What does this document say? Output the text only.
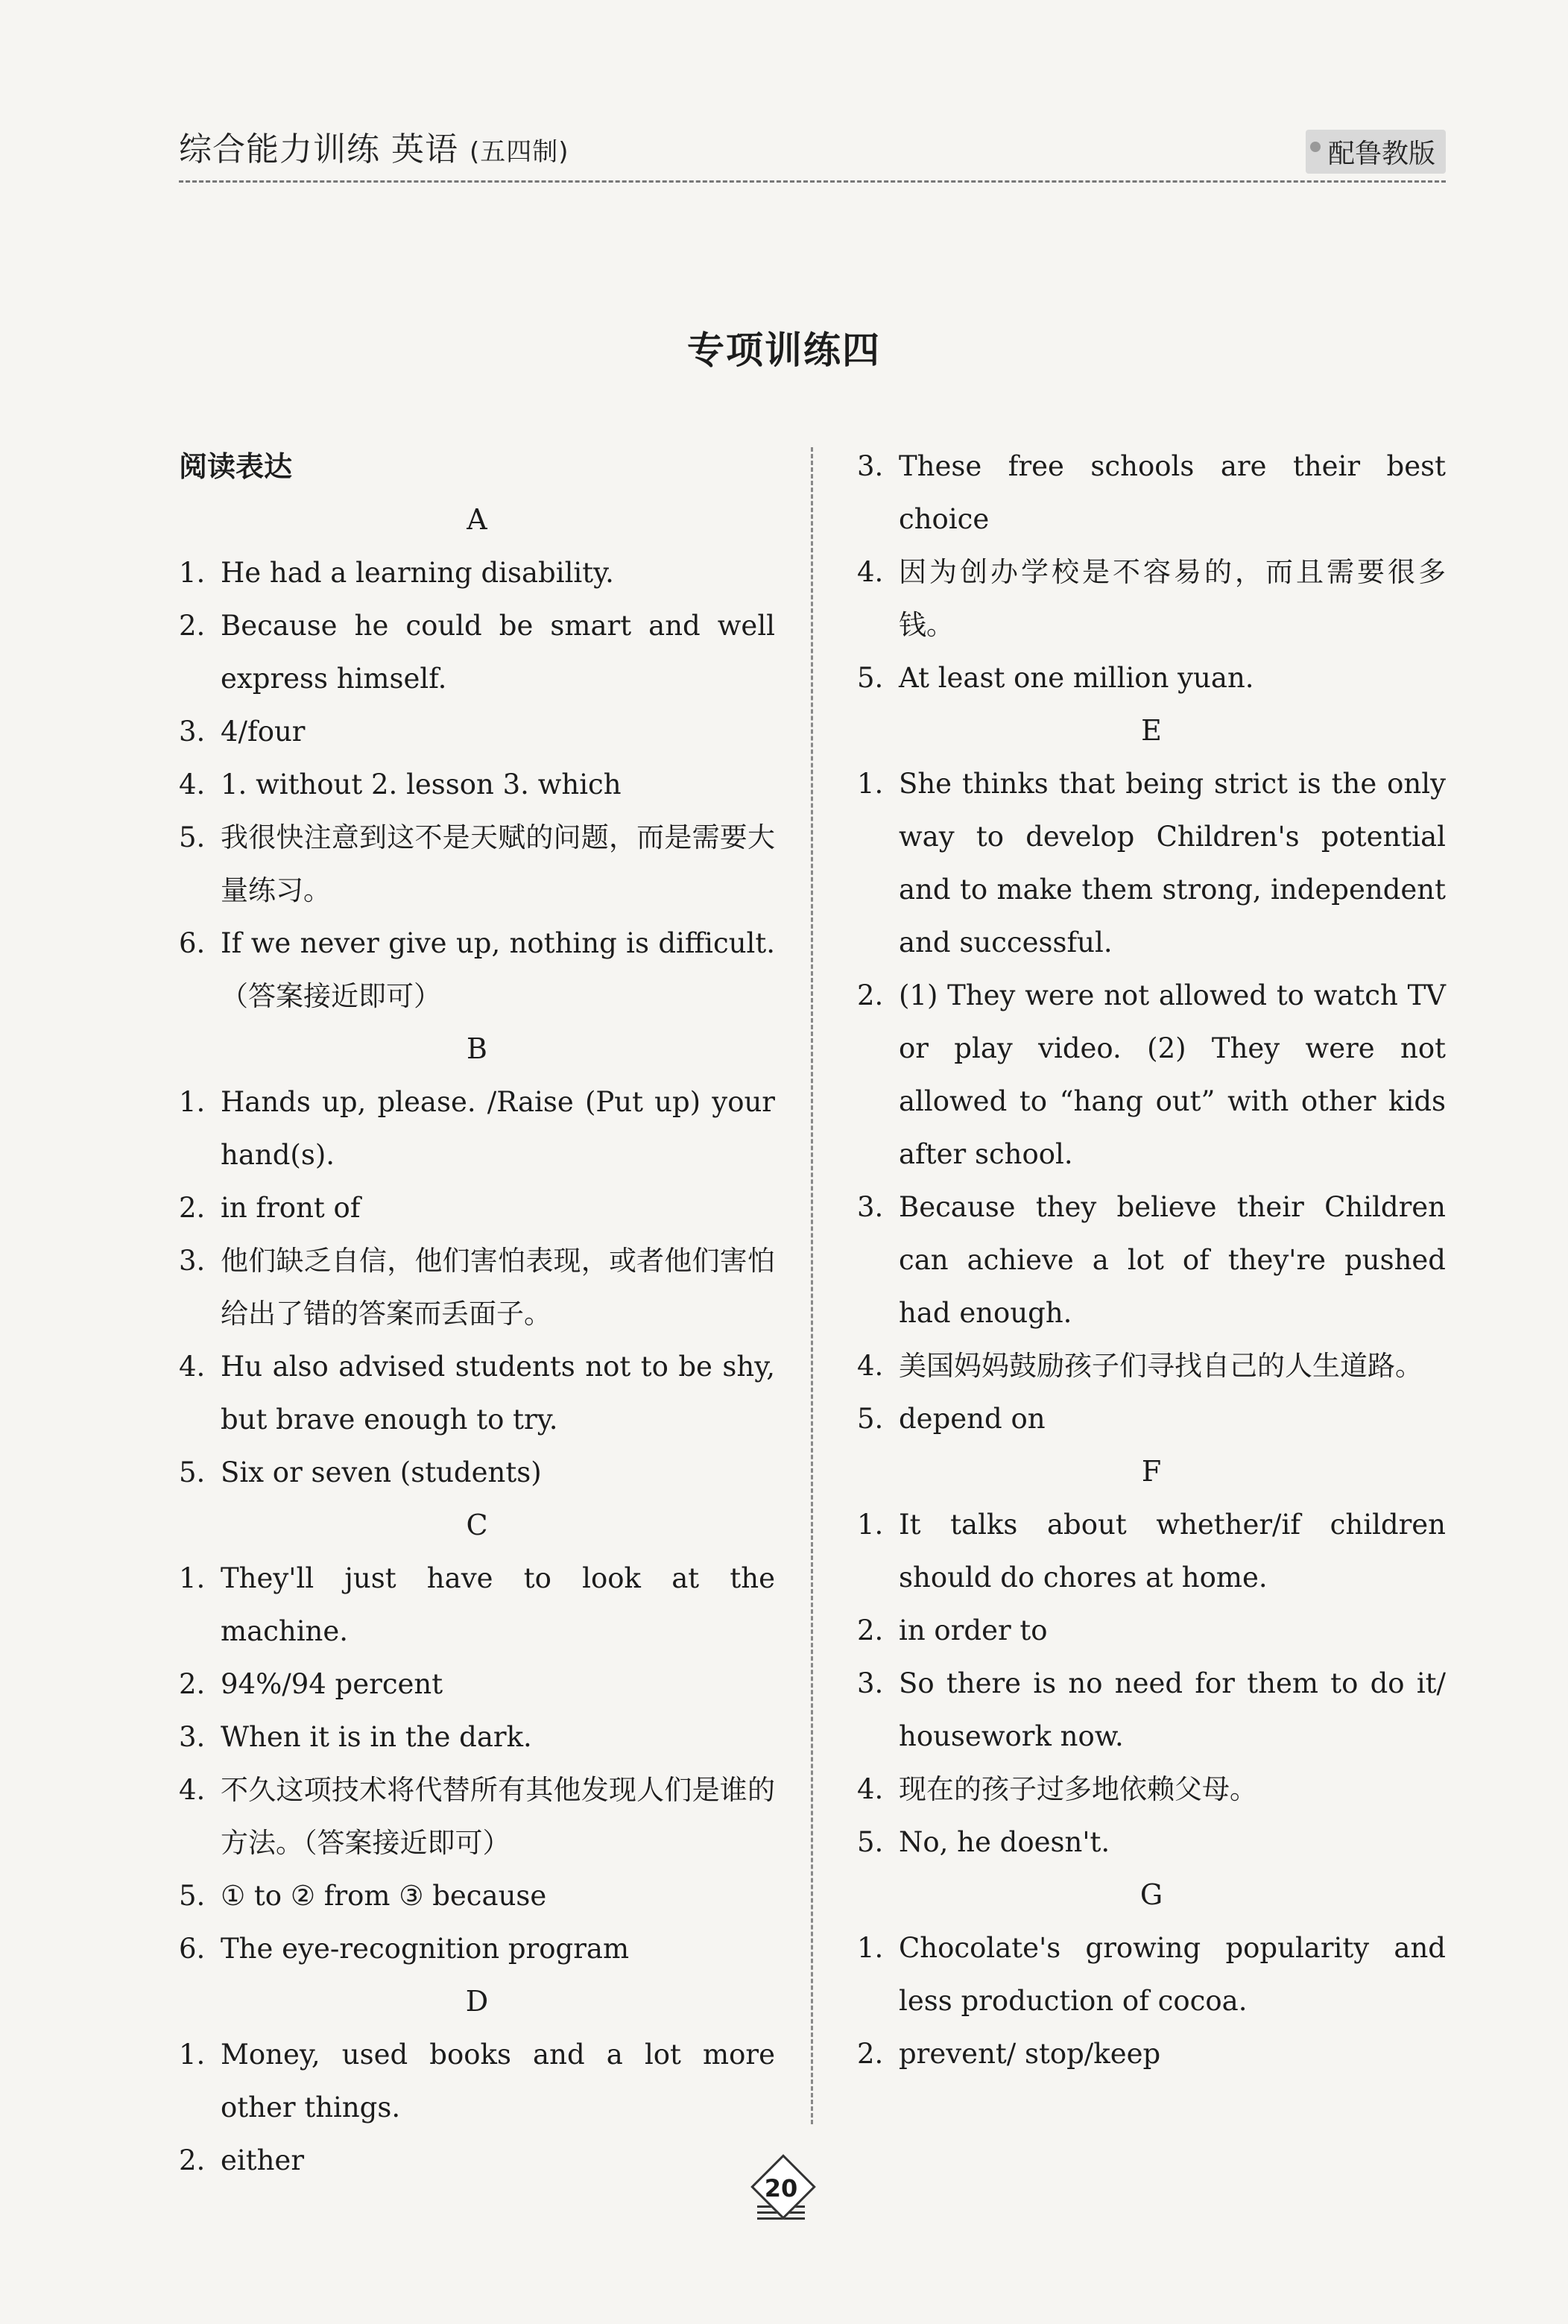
综合能力训练 英语 (五四制)	配鲁教版
专项训练四
阅读表达
A
1. He had a learning disability.
2. Because he could be smart and well express himself.
3. 4/four
4. 1. without 2. lesson 3. which
5. 我很快注意到这不是天赋的问题，而是需要大量练习。
6. If we never give up, nothing is difficult.（答案接近即可）
B
1. Hands up, please. /Raise (Put up) your hand(s).
2. in front of
3. 他们缺乏自信，他们害怕表现，或者他们害怕给出了错的答案而丢面子。
4. Hu also advised students not to be shy, but brave enough to try.
5. Six or seven (students)
C
1. They'll just have to look at the machine.
2. 94%/94 percent
3. When it is in the dark.
4. 不久这项技术将代替所有其他发现人们是谁的方法。（答案接近即可）
5. ① to ② from ③ because
6. The eye-recognition program
D
1. Money, used books and a lot more other things.
2. either
3. These free schools are their best choice
4. 因为创办学校是不容易的，而且需要很多钱。
5. At least one million yuan.
E
1. She thinks that being strict is the only way to develop Children's potential and to make them strong, independent and successful.
2. (1) They were not allowed to watch TV or play video. (2) They were not allowed to “hang out” with other kids after school.
3. Because they believe their Children can achieve a lot of they're pushed had enough.
4. 美国妈妈鼓励孩子们寻找自己的人生道路。
5. depend on
F
1. It talks about whether/if children should do chores at home.
2. in order to
3. So there is no need for them to do it/ housework now.
4. 现在的孩子过多地依赖父母。
5. No, he doesn't.
G
1. Chocolate's growing popularity and less production of cocoa.
2. prevent/ stop/keep
20
